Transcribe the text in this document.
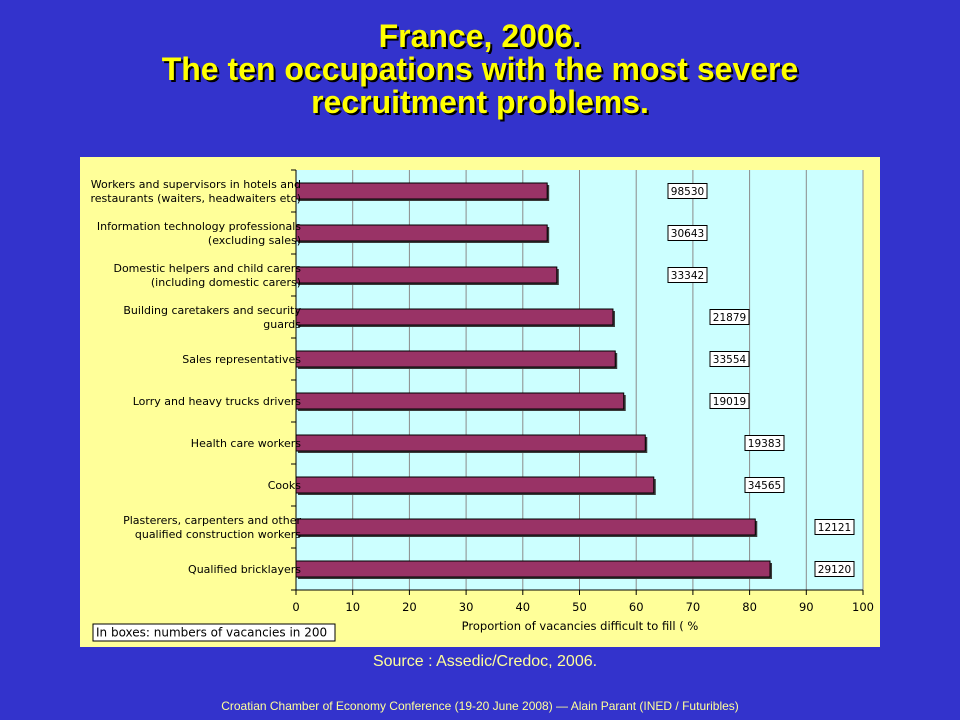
France, 2006.
The ten occupations with the most severe
recruitment problems.
0	10	20	30	40	50	60	70	80	90	100
Workers and supervisors in hotels and
restaurants (waiters, headwaiters etc)
Information technology professionals
(excluding sales)
Domestic helpers and child carers
(including domestic carers)
Building caretakers and security
guards
Sales representatives
Lorry and heavy trucks drivers
Health care workers
Cooks
Plasterers, carpenters and other
qualified construction workers
Qualified bricklayers
98530
30643
33342
21879
33554
19019
19383
34565
12121
29120
Proportion of vacancies difficult to fill ( %
In boxes: numbers of vacancies in 200
Source : Assedic/Credoc, 2006.
Croatian Chamber of Economy Conference (19-20 June 2008) — Alain Parant (INED / Futuribles)
